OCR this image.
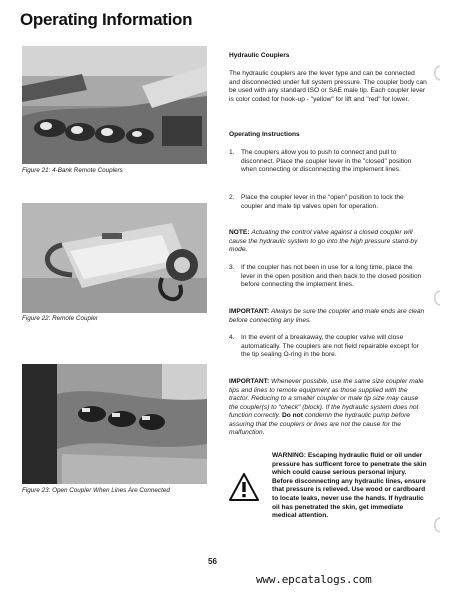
Operating Information
Figure 21: 4-Bank Remote Couplers
Figure 22: Remote Coupler
Figure 23: Open Coupler When Lines Are Connected
Hydraulic Couplers
The hydraulic couplers are the lever type and can be connected and disconnected under full system pressure. The coupler body can be used with any standard ISO or SAE male tip. Each coupler lever is color coded for hook-up - "yellow" for lift and "red" for lower.
Operating Instructions
1. The couplers allow you to push to connect and pull to disconnect. Place the coupler lever in the "closed" position when connecting or disconnecting the implement lines.
2. Place the coupler lever in the "open" position to lock the coupler and male tip valves open for operation.
NOTE: Actuating the control valve against a closed coupler will cause the hydraulic system to go into the high pressure stand-by mode.
3. If the coupler has not been in use for a long time, place the lever in the open position and then back to the closed position before connecting the implement lines.
IMPORTANT: Always be sure the coupler and male ends are clean before connecting any lines.
4. In the event of a breakaway, the coupler valve will close automatically. The couplers are not field repairable except for the tip sealing O-ring in the bore.
IMPORTANT: Whenever possible, use the same size coupler male tips and lines to remote equipment as those supplied with the tractor. Reducing to a smaller coupler or male tip size may cause the coupler(s) to "check" (block). If the hydraulic system does not function correctly. Do not condemn the hydraulic pump before assuring that the couplers or lines are not the cause for the malfunction.
WARNING: Escaping hydraulic fluid or oil under pressure has sufficent force to penetrate the skin which could cause serious personal injury. Before disconnecting any hydraulic lines, ensure that pressure is relieved. Use wood or cardboard to locate leaks, never use the hands. If hydraulic oil has penetrated the skin, get immediate medical attention.
56
www.epcatalogs.com
